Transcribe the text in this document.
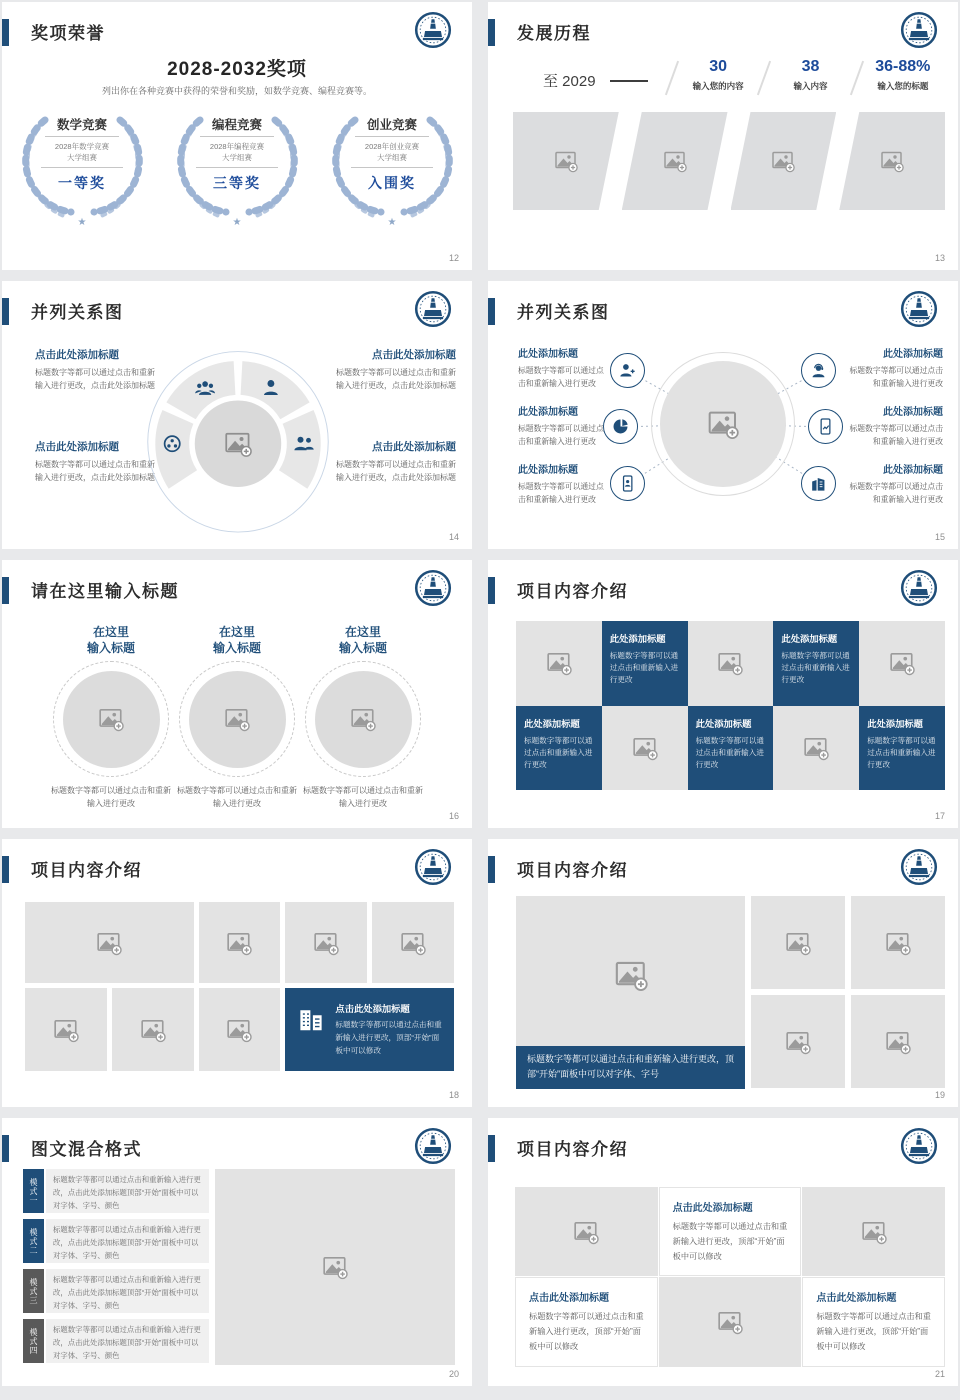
奖项荣誉
2028-2032奖项
列出你在各种竞赛中获得的荣誉和奖励，如数学竞赛、编程竞赛等。
数学竞赛
2028年数学竞赛
大学组赛
一等奖
★
编程竞赛
2028年编程竞赛
大学组赛
三等奖
★
创业竞赛
2028年创业竞赛
大学组赛
入围奖
★
12
发展历程
至 2029
30
输入您的内容
38
输入内容
36-88%
输入您的标题
13
并列关系图
点击此处添加标题
标题数字等都可以通过点击和重新输入进行更改，点击此处添加标题
点击此处添加标题
标题数字等都可以通过点击和重新输入进行更改，点击此处添加标题
点击此处添加标题
标题数字等都可以通过点击和重新输入进行更改，点击此处添加标题
点击此处添加标题
标题数字等都可以通过点击和重新输入进行更改，点击此处添加标题
14
并列关系图
此处添加标题
标题数字等都可以通过点击和重新输入进行更改
此处添加标题
标题数字等都可以通过点击和重新输入进行更改
此处添加标题
标题数字等都可以通过点击和重新输入进行更改
此处添加标题
标题数字等都可以通过点击和重新输入进行更改
此处添加标题
标题数字等都可以通过点击和重新输入进行更改
此处添加标题
标题数字等都可以通过点击和重新输入进行更改
15
请在这里输入标题
在这里
输入标题
标题数字等都可以通过点击和重新输入进行更改
在这里
输入标题
标题数字等都可以通过点击和重新输入进行更改
在这里
输入标题
标题数字等都可以通过点击和重新输入进行更改
16
项目内容介绍
此处添加标题
标题数字等都可以通过点击和重新输入进行更改
此处添加标题
标题数字等都可以通过点击和重新输入进行更改
此处添加标题
标题数字等都可以通过点击和重新输入进行更改
此处添加标题
标题数字等都可以通过点击和重新输入进行更改
此处添加标题
标题数字等都可以通过点击和重新输入进行更改
17
项目内容介绍
点击此处添加标题
标题数字等都可以通过点击和重新输入进行更改，顶部“开始”面板中可以修改
18
项目内容介绍
标题数字等都可以通过点击和重新输入进行更改，顶部“开始”面板中可以对字体、字号
19
图文混合格式
模式一	标题数字等都可以通过点击和重新输入进行更改，点击此处添加标题顶部“开始”面板中可以对字体、字号、颜色
模式二	标题数字等都可以通过点击和重新输入进行更改，点击此处添加标题顶部“开始”面板中可以对字体、字号、颜色
模式三	标题数字等都可以通过点击和重新输入进行更改，点击此处添加标题顶部“开始”面板中可以对字体、字号、颜色
模式四	标题数字等都可以通过点击和重新输入进行更改，点击此处添加标题顶部“开始”面板中可以对字体、字号、颜色
20
项目内容介绍
点击此处添加标题
标题数字等都可以通过点击和重新输入进行更改，顶部“开始”面板中可以修改
点击此处添加标题
标题数字等都可以通过点击和重新输入进行更改，顶部“开始”面板中可以修改
点击此处添加标题
标题数字等都可以通过点击和重新输入进行更改，顶部“开始”面板中可以修改
21
